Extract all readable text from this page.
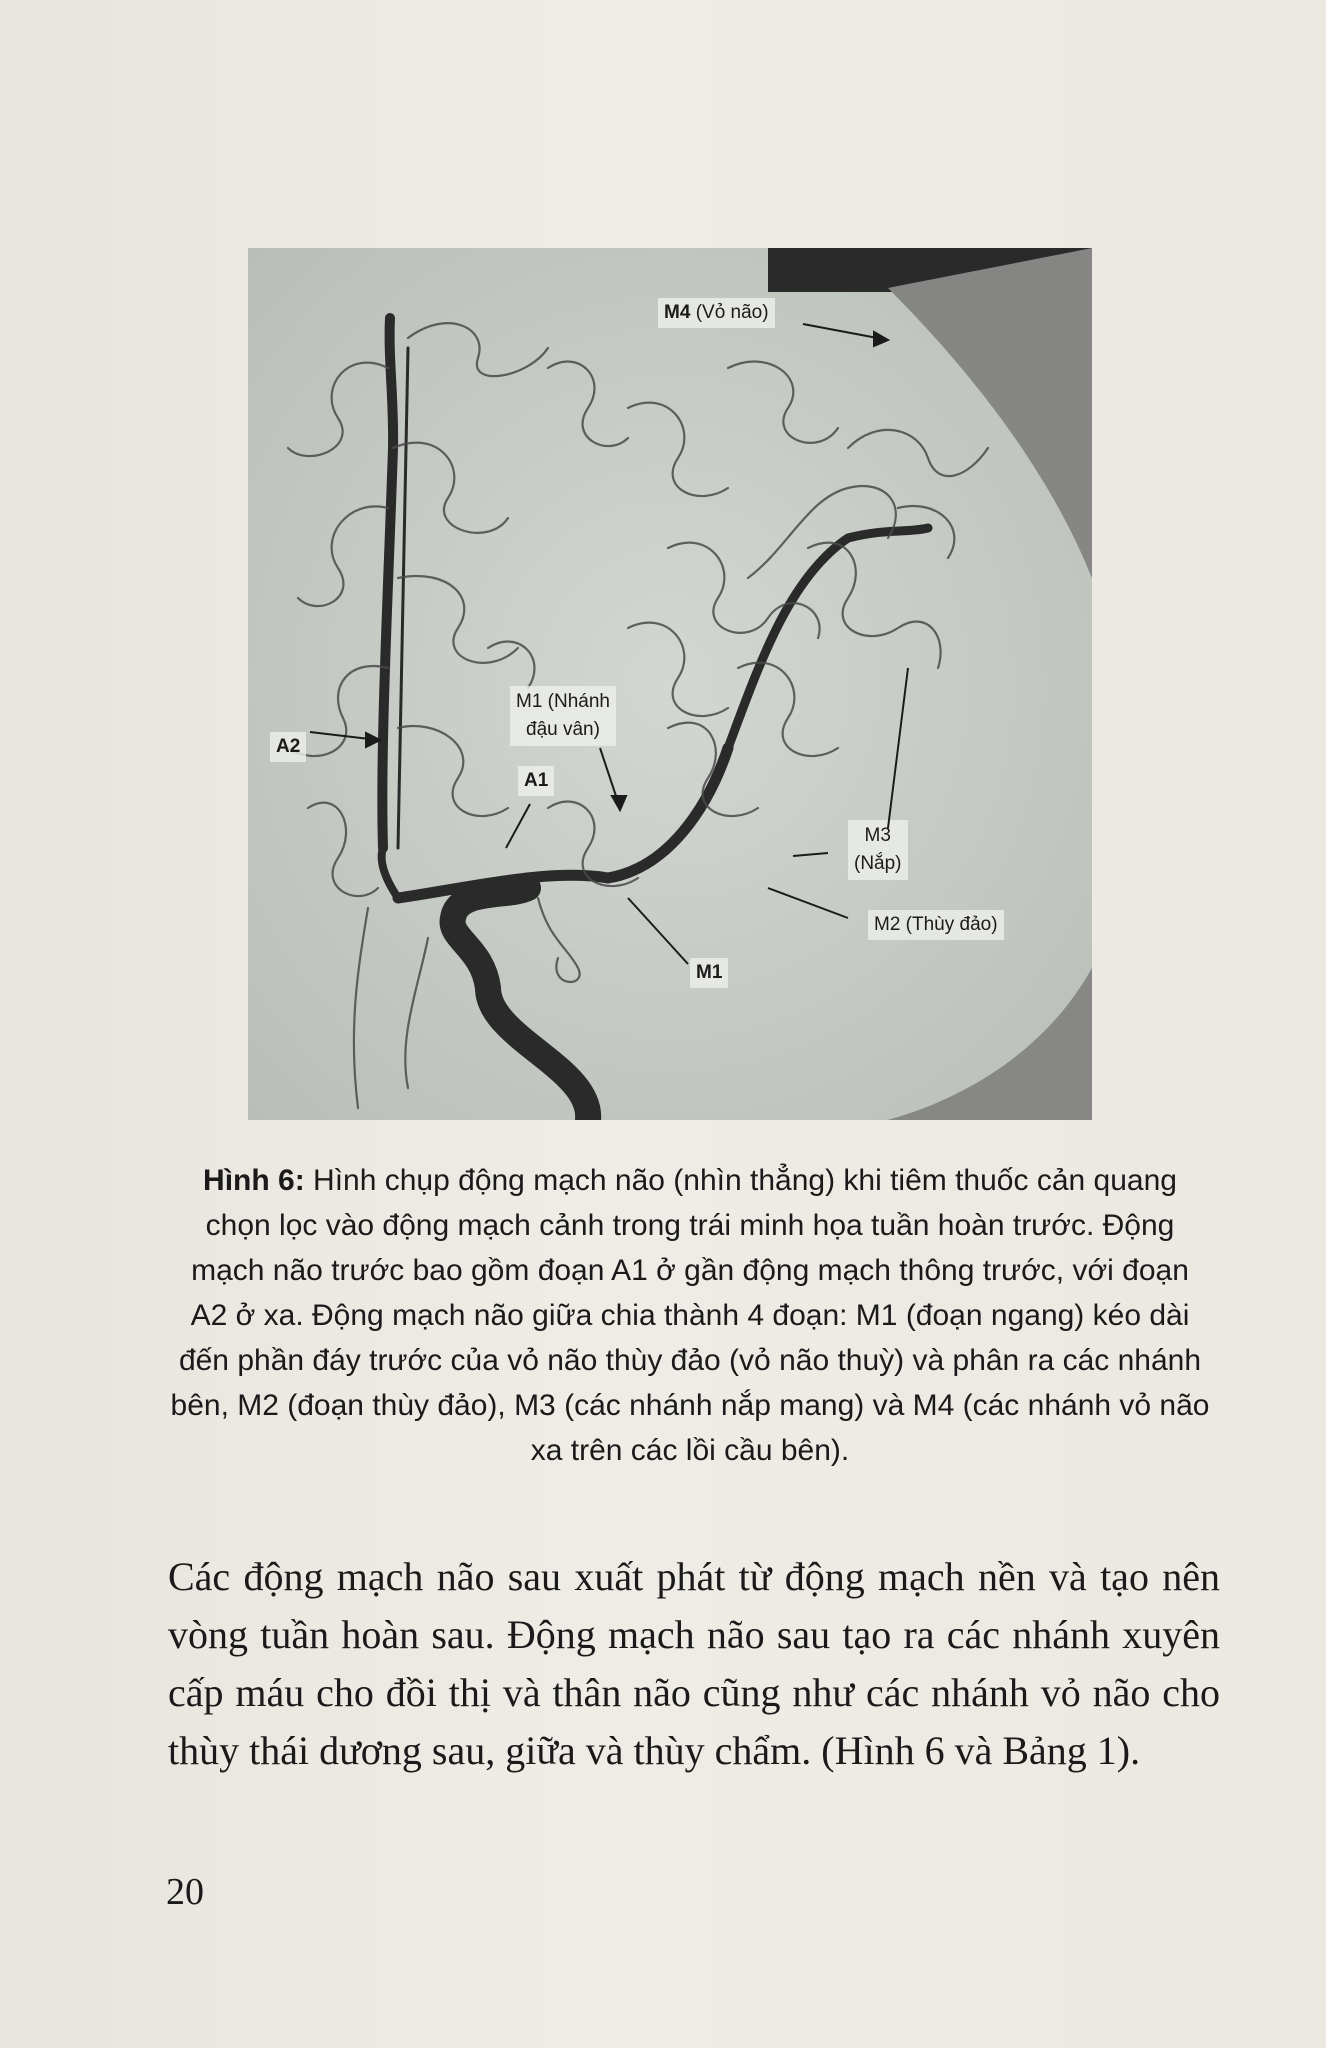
M4 (Vỏ não)
A2
M1 (Nhánh
đậu vân)
A1
M3
(Nắp)
M2 (Thùy đảo)
M1
Hình 6: Hình chụp động mạch não (nhìn thẳng) khi tiêm thuốc cản quang chọn lọc vào động mạch cảnh trong trái minh họa tuần hoàn trước. Động mạch não trước bao gồm đoạn A1 ở gần động mạch thông trước, với đoạn A2 ở xa. Động mạch não giữa chia thành 4 đoạn: M1 (đoạn ngang) kéo dài đến phần đáy trước của vỏ não thùy đảo (vỏ não thuỳ) và phân ra các nhánh bên, M2 (đoạn thùy đảo), M3 (các nhánh nắp mang) và M4 (các nhánh vỏ não xa trên các lồi cầu bên).
Các động mạch não sau xuất phát từ động mạch nền và tạo nên vòng tuần hoàn sau. Động mạch não sau tạo ra các nhánh xuyên cấp máu cho đồi thị và thân não cũng như các nhánh vỏ não cho thùy thái dương sau, giữa và thùy chẩm. (Hình 6 và Bảng 1).
20
